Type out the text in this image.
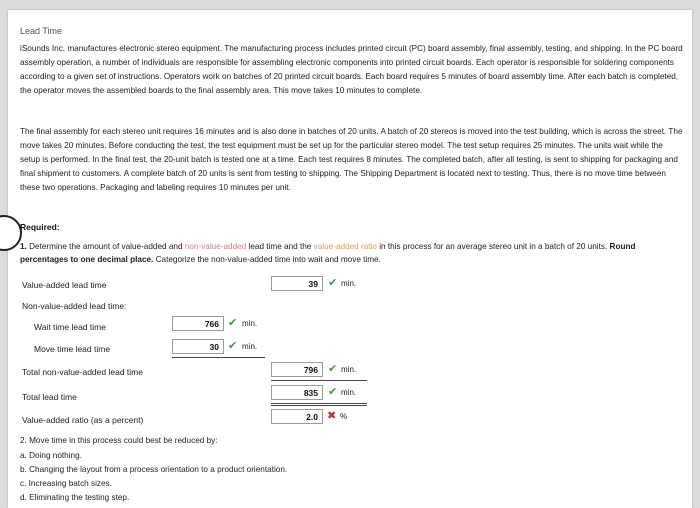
Lead Time
iSounds Inc. manufactures electronic stereo equipment. The manufacturing process includes printed circuit (PC) board assembly, final assembly, testing, and shipping. In the PC board assembly operation, a number of individuals are responsible for assembling electronic components into printed circuit boards. Each operator is responsible for soldering components according to a given set of instructions. Operators work on batches of 20 printed circuit boards. Each board requires 5 minutes of board assembly time. After each batch is completed, the operator moves the assembled boards to the final assembly area. This move takes 10 minutes to complete.
The final assembly for each stereo unit requires 16 minutes and is also done in batches of 20 units. A batch of 20 stereos is moved into the test building, which is across the street. The move takes 20 minutes. Before conducting the test, the test equipment must be set up for the particular stereo model. The test setup requires 25 minutes. The units wait while the setup is performed. In the final test, the 20-unit batch is tested one at a time. Each test requires 8 minutes. The completed batch, after all testing, is sent to shipping for packaging and final shipment to customers. A complete batch of 20 units is sent from testing to shipping. The Shipping Department is located next to testing. Thus, there is no move time between these two operations. Packaging and labeling requires 10 minutes per unit.
Required:
1. Determine the amount of value-added and non-value-added lead time and the value-added ratio in this process for an average stereo unit in a batch of 20 units. Round percentages to one decimal place. Categorize the non-value-added time into wait and move time.
Value-added lead time	39 ✔ min.
Non-value-added lead time:
Wait time lead time	766 ✔ min.
Move time lead time	30 ✔ min.
Total non-value-added lead time	796 ✔ min.
Total lead time	835 ✔ min.
Value-added ratio (as a percent)	2.0 ✖ %
2. Move time in this process could best be reduced by:
a. Doing nothing.
b. Changing the layout from a process orientation to a product orientation.
c. Increasing batch sizes.
d. Eliminating the testing step.
